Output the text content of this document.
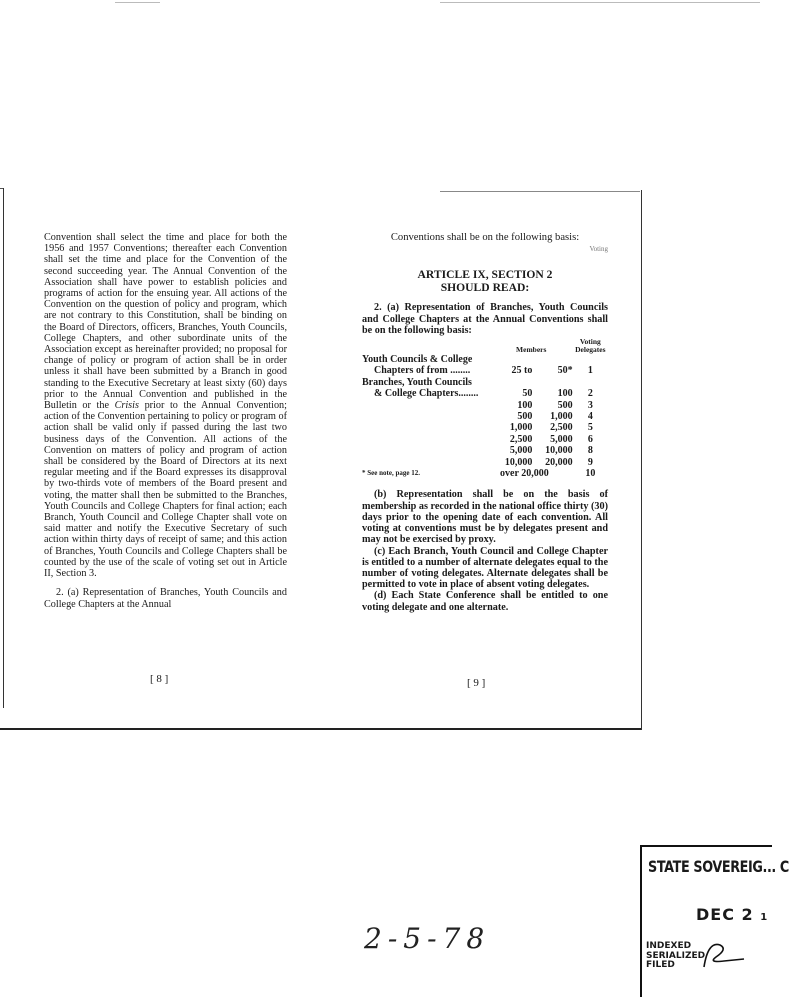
Convention shall select the time and place for both the 1956 and 1957 Conventions; thereafter each Convention shall set the time and place for the Convention of the second succeeding year. The Annual Convention of the Association shall have power to establish policies and programs of action for the ensuing year. All actions of the Convention on the question of policy and program, which are not contrary to this Constitution, shall be binding on the Board of Directors, officers, Branches, Youth Councils, College Chapters, and other subordinate units of the Association except as hereinafter provided; no proposal for change of policy or program of action shall be in order unless it shall have been submitted by a Branch in good standing to the Executive Secretary at least sixty (60) days prior to the Annual Convention and published in the Bulletin or the Crisis prior to the Annual Convention; action of the Convention pertaining to policy or program of action shall be valid only if passed during the last two business days of the Convention. All actions of the Convention on matters of policy and program of action shall be considered by the Board of Directors at its next regular meeting and if the Board expresses its disapproval by two-thirds vote of members of the Board present and voting, the matter shall then be submitted to the Branches, Youth Councils and College Chapters for final action; each Branch, Youth Council and College Chapter shall vote on said matter and notify the Executive Secretary of such action within thirty days of receipt of same; and this action of Branches, Youth Councils and College Chapters shall be counted by the use of the scale of voting set out in Article II, Section 3.

2. (a) Representation of Branches, Youth Councils and College Chapters at the Annual

[ 8 ]

Conventions shall be on the following basis:

Voting
ARTICLE IX, SECTION 2
SHOULD READ:

2. (a) Representation of Branches, Youth Councils and College Chapters at the Annual Conventions shall be on the following basis:

			Voting
	Members		Delegates
Youth Councils & College			
Chapters of from ........	25 to	50*	1
Branches, Youth Councils			
& College Chapters........	50	100	2
	100	500	3
	500	1,000	4
	1,000	2,500	5
	2,500	5,000	6
	5,000	10,000	8
	10,000	20,000	9
* See note, page 12.	over 20,000		10

(b) Representation shall be on the basis of membership as recorded in the national office thirty (30) days prior to the opening date of each convention. All voting at conventions must be by delegates present and may not be exercised by proxy.

(c) Each Branch, Youth Council and College Chapter is entitled to a number of alternate delegates equal to the number of voting delegates. Alternate delegates shall be permitted to vote in place of absent voting delegates.

(d) Each State Conference shall be entitled to one voting delegate and one alternate.

[ 9 ]
2-5-78
STATE SOVEREIG... C
DEC 2 1
INDEXED
SERIALIZED
FILED
